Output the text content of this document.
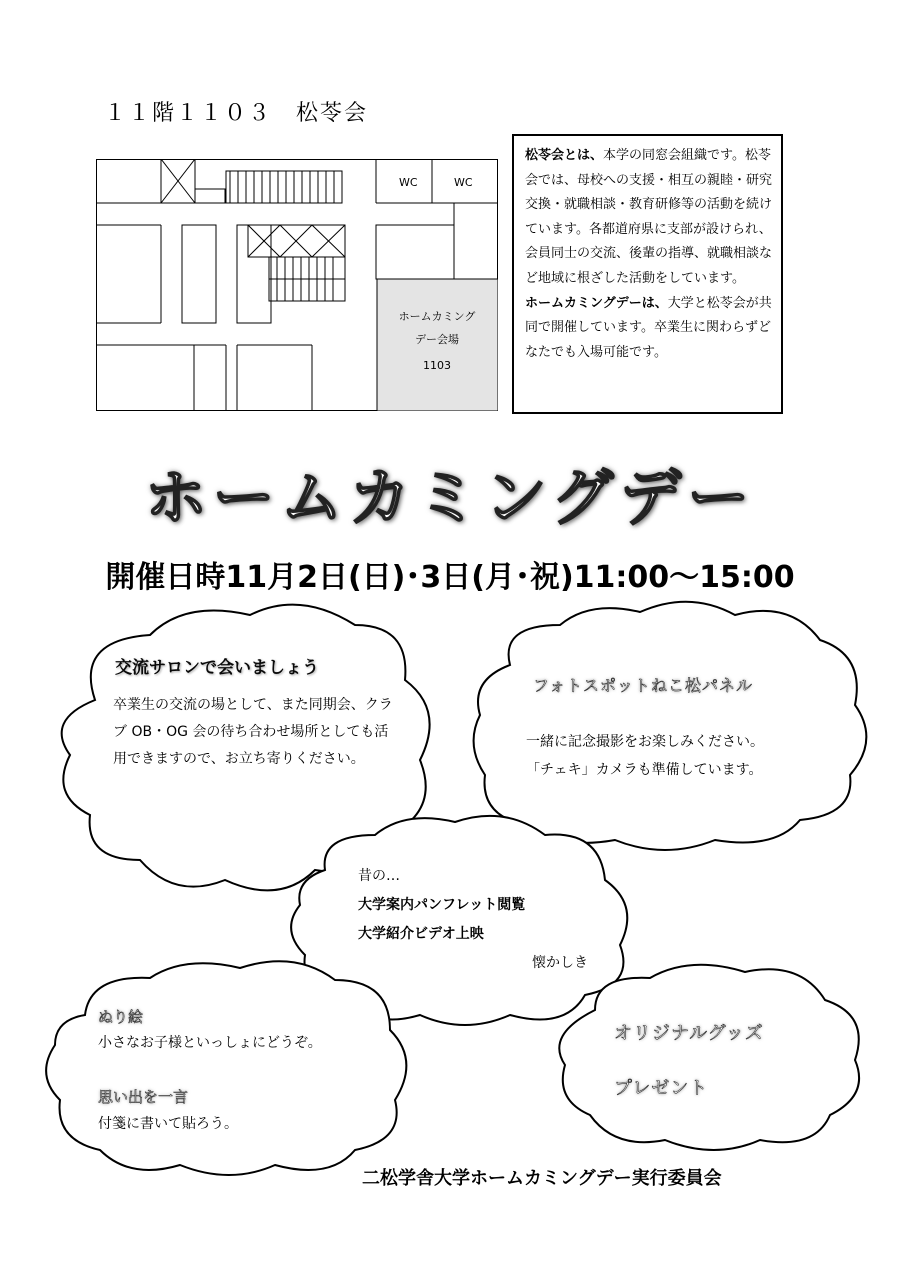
１１階１１０３　松苓会
WC	WC
ホームカミング
デー会場
1103
松苓会とは、本学の同窓会組織です。松苓会では、母校への支援・相互の親睦・研究交換・就職相談・教育研修等の活動を続けています。各都道府県に支部が設けられ、会員同士の交流、後輩の指導、就職相談など地域に根ざした活動をしています。
ホームカミングデーは、大学と松苓会が共同で開催しています。卒業生に関わらずどなたでも入場可能です。
ホームカミングデー
開催日時11月2日(日)･3日(月･祝)11:00～15:00
交流サロンで会いましょう
卒業生の交流の場として、また同期会、クラブ OB・OG 会の待ち合わせ場所としても活用できますので、お立ち寄りください。
フォトスポットねこ松パネル
一緒に記念撮影をお楽しみください。
「チェキ」カメラも準備しています。
昔の…
大学案内パンフレット閲覧
大学紹介ビデオ上映
懐かしき
ぬり絵
小さなお子様といっしょにどうぞ。
思い出を一言
付箋に書いて貼ろう。
オリジナルグッズ
プレゼント
二松学舎大学ホームカミングデー実行委員会
